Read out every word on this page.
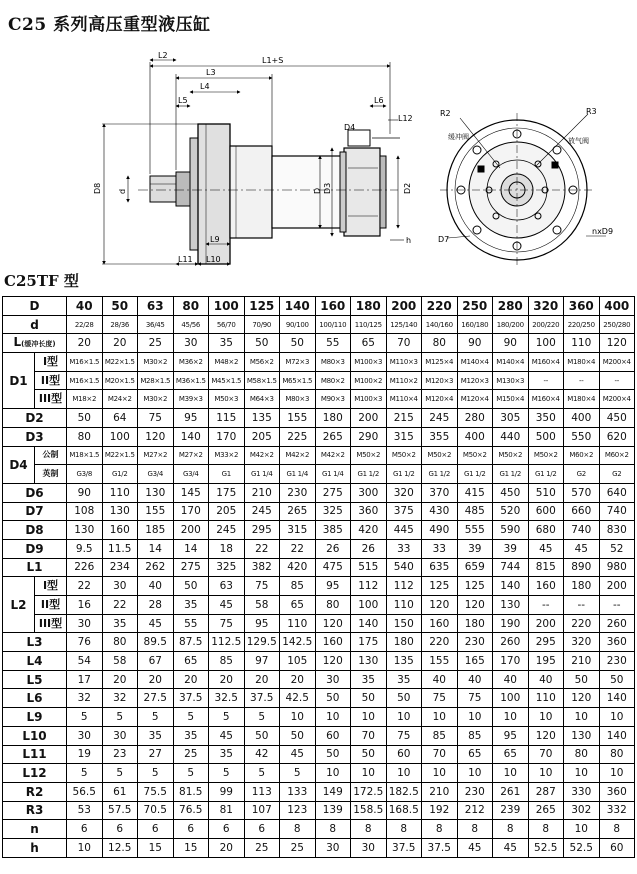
C25 系列高压重型液压缸
L2
L1+S
L3
L4
L5	L6
L12
D4
D8 d	D D3	D2
L9
L11 L10
h
R2	R3
缓冲阀	放气阀
D7
nxD9
C25TF 型
D		40	50	63	80	100	125	140	160	180	200	220	250	280	320	360	400
d		22/28	28/36	36/45	45/56	56/70	70/90	90/100	100/110	110/125	125/140	140/160	160/180	180/200	200/220	220/250	250/280
L(缓冲长度)		20	20	25	30	35	50	50	55	65	70	80	90	90	100	110	120
D1	I型	M16×1.5	M22×1.5	M30×2	M36×2	M48×2	M56×2	M72×3	M80×3	M100×3	M110×3	M125×4	M140×4	M140×4	M160×4	M180×4	M200×4
	II型	M16×1.5	M20×1.5	M28×1.5	M36×1.5	M45×1.5	M58×1.5	M65×1.5	M80×2	M100×2	M110×2	M120×3	M120×3	M130×3	--	--	--
	III型	M18×2	M24×2	M30×2	M39×3	M50×3	M64×3	M80×3	M90×3	M100×3	M110×4	M120×4	M120×4	M150×4	M160×4	M180×4	M200×4
D2		50	64	75	95	115	135	155	180	200	215	245	280	305	350	400	450
D3		80	100	120	140	170	205	225	265	290	315	355	400	440	500	550	620
D4	公制	M18×1.5	M22×1.5	M27×2	M27×2	M33×2	M42×2	M42×2	M42×2	M50×2	M50×2	M50×2	M50×2	M50×2	M50×2	M60×2	M60×2
	英制	G3/8	G1/2	G3/4	G3/4	G1	G1 1/4	G1 1/4	G1 1/4	G1 1/2	G1 1/2	G1 1/2	G1 1/2	G1 1/2	G1 1/2	G2	G2
D6		90	110	130	145	175	210	230	275	300	320	370	415	450	510	570	640
D7		108	130	155	170	205	245	265	325	360	375	430	485	520	600	660	740
D8		130	160	185	200	245	295	315	385	420	445	490	555	590	680	740	830
D9		9.5	11.5	14	14	18	22	22	26	26	33	33	39	39	45	45	52
L1		226	234	262	275	325	382	420	475	515	540	635	659	744	815	890	980
L2	I型	22	30	40	50	63	75	85	95	112	112	125	125	140	160	180	200
	II型	16	22	28	35	45	58	65	80	100	110	120	120	130	--	--	--
	III型	30	35	45	55	75	95	110	120	140	150	160	180	190	200	220	260
L3		76	80	89.5	87.5	112.5	129.5	142.5	160	175	180	220	230	260	295	320	360
L4		54	58	67	65	85	97	105	120	130	135	155	165	170	195	210	230
L5		17	20	20	20	20	20	20	30	35	35	40	40	40	40	50	50
L6		32	32	27.5	37.5	32.5	37.5	42.5	50	50	50	75	75	100	110	120	140
L9		5	5	5	5	5	5	10	10	10	10	10	10	10	10	10	10
L10		30	30	35	35	45	50	50	60	70	75	85	85	95	120	130	140
L11		19	23	27	25	35	42	45	50	50	60	70	65	65	70	80	80
L12		5	5	5	5	5	5	5	10	10	10	10	10	10	10	10	10
R2		56.5	61	75.5	81.5	99	113	133	149	172.5	182.5	210	230	261	287	330	360
R3		53	57.5	70.5	76.5	81	107	123	139	158.5	168.5	192	212	239	265	302	332
n		6	6	6	6	6	6	8	8	8	8	8	8	8	8	10	8
h		10	12.5	15	15	20	25	25	30	30	37.5	37.5	45	45	52.5	52.5	60
